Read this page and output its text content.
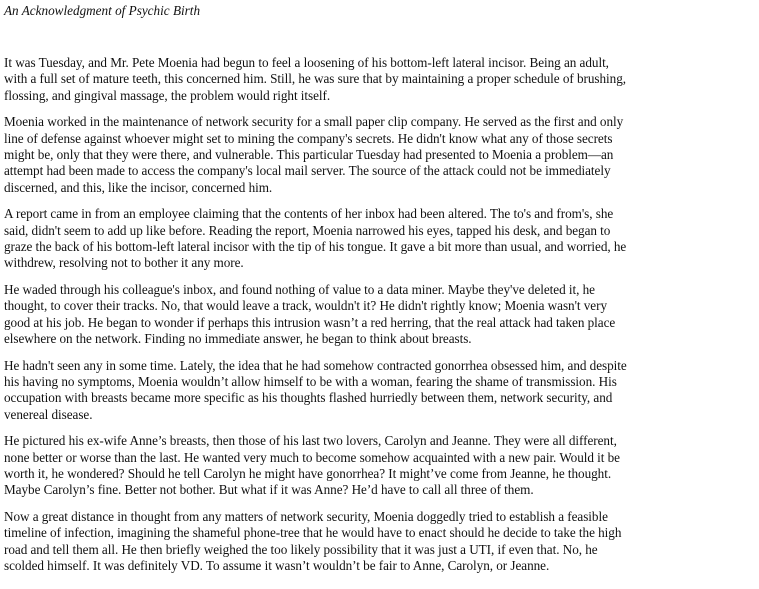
An Acknowledgment of Psychic Birth

It was Tuesday, and Mr. Pete Moenia had begun to feel a loosening of his bottom-left lateral incisor. Being an adult,
with a full set of mature teeth, this concerned him. Still, he was sure that by maintaining a proper schedule of brushing,
flossing, and gingival massage, the problem would right itself.

Moenia worked in the maintenance of network security for a small paper clip company. He served as the first and only
line of defense against whoever might set to mining the company's secrets. He didn't know what any of those secrets
might be, only that they were there, and vulnerable. This particular Tuesday had presented to Moenia a problem—an
attempt had been made to access the company's local mail server. The source of the attack could not be immediately
discerned, and this, like the incisor, concerned him.

A report came in from an employee claiming that the contents of her inbox had been altered. The to's and from's, she
said, didn't seem to add up like before. Reading the report, Moenia narrowed his eyes, tapped his desk, and began to
graze the back of his bottom-left lateral incisor with the tip of his tongue. It gave a bit more than usual, and worried, he
withdrew, resolving not to bother it any more.

He waded through his colleague's inbox, and found nothing of value to a data miner. Maybe they've deleted it, he
thought, to cover their tracks. No, that would leave a track, wouldn't it? He didn't rightly know; Moenia wasn't very
good at his job. He began to wonder if perhaps this intrusion wasn’t a red herring, that the real attack had taken place
elsewhere on the network. Finding no immediate answer, he began to think about breasts.

He hadn't seen any in some time. Lately, the idea that he had somehow contracted gonorrhea obsessed him, and despite
his having no symptoms, Moenia wouldn’t allow himself to be with a woman, fearing the shame of transmission. His
occupation with breasts became more specific as his thoughts flashed hurriedly between them, network security, and
venereal disease.

He pictured his ex-wife Anne’s breasts, then those of his last two lovers, Carolyn and Jeanne. They were all different,
none better or worse than the last. He wanted very much to become somehow acquainted with a new pair. Would it be
worth it, he wondered? Should he tell Carolyn he might have gonorrhea? It might’ve come from Jeanne, he thought.
Maybe Carolyn’s fine. Better not bother. But what if it was Anne? He’d have to call all three of them.

Now a great distance in thought from any matters of network security, Moenia doggedly tried to establish a feasible
timeline of infection, imagining the shameful phone-tree that he would have to enact should he decide to take the high
road and tell them all. He then briefly weighed the too likely possibility that it was just a UTI, if even that. No, he
scolded himself. It was definitely VD. To assume it wasn’t wouldn’t be fair to Anne, Carolyn, or Jeanne.
